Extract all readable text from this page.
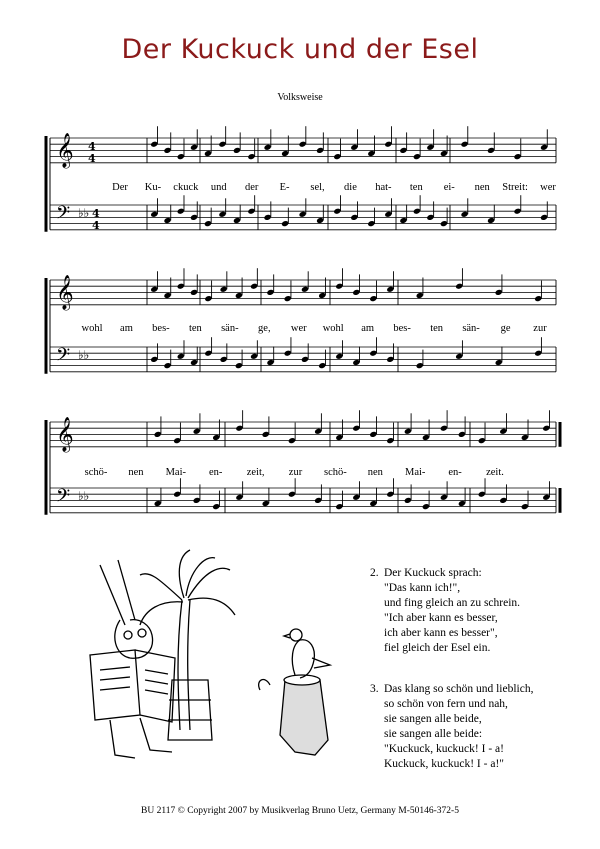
Der Kuckuck und der Esel
Volksweise
𝄞 4
4
𝄢 ♭♭ 4
4
𝄞
𝄢 ♭♭
𝄞
𝄢 ♭♭
Der Ku- ckuck und der E- sel, die hat- ten ei- nen Streit: wer
wohl am bes- ten sän- ge, wer wohl am bes- ten sän- ge zur
schö- nen Mai- en- zeit, zur schö- nen Mai- en- zeit.
2. Der Kuckuck sprach:
"Das kann ich!",
und fing gleich an zu schrein.
"Ich aber kann es besser,
ich aber kann es besser",
fiel gleich der Esel ein.
3. Das klang so schön und lieblich,
so schön von fern und nah,
sie sangen alle beide,
sie sangen alle beide:
"Kuckuck, kuckuck! I - a!
Kuckuck, kuckuck! I - a!"
BU 2117 © Copyright 2007 by Musikverlag Bruno Uetz, Germany M-50146-372-5
